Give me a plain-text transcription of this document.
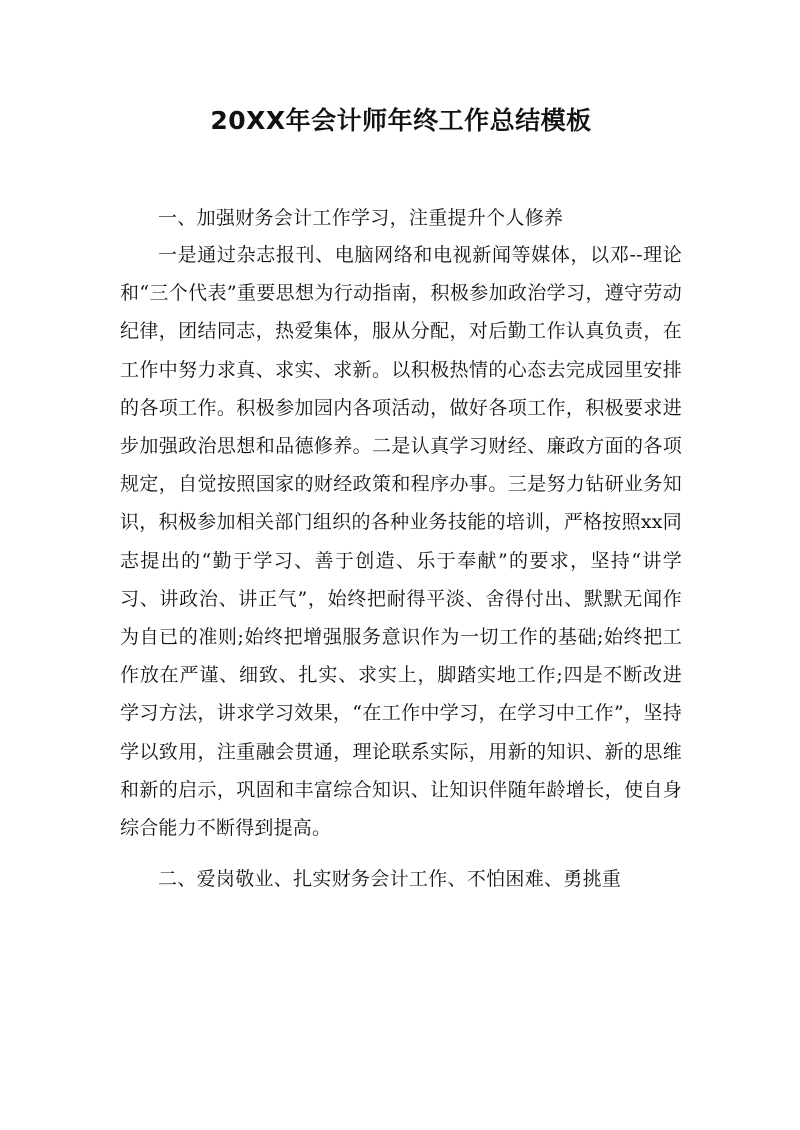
20XX年会计师年终工作总结模板

一、加强财务会计工作学习，注重提升个人修养

一是通过杂志报刊、电脑网络和电视新闻等媒体，以邓--理论和“三个代表”重要思想为行动指南，积极参加政治学习，遵守劳动纪律，团结同志，热爱集体，服从分配，对后勤工作认真负责，在工作中努力求真、求实、求新。以积极热情的心态去完成园里安排的各项工作。积极参加园内各项活动，做好各项工作，积极要求进步加强政治思想和品德修养。二是认真学习财经、廉政方面的各项规定，自觉按照国家的财经政策和程序办事。三是努力钻研业务知识，积极参加相关部门组织的各种业务技能的培训，严格按照xx同志提出的“勤于学习、善于创造、乐于奉献”的要求，坚持“讲学习、讲政治、讲正气”，始终把耐得平淡、舍得付出、默默无闻作为自已的准则;始终把增强服务意识作为一切工作的基础;始终把工作放在严谨、细致、扎实、求实上，脚踏实地工作;四是不断改进学习方法，讲求学习效果，“在工作中学习，在学习中工作”，坚持学以致用，注重融会贯通，理论联系实际，用新的知识、新的思维和新的启示，巩固和丰富综合知识、让知识伴随年龄增长，使自身综合能力不断得到提高。

二、爱岗敬业、扎实财务会计工作、不怕困难、勇挑重
